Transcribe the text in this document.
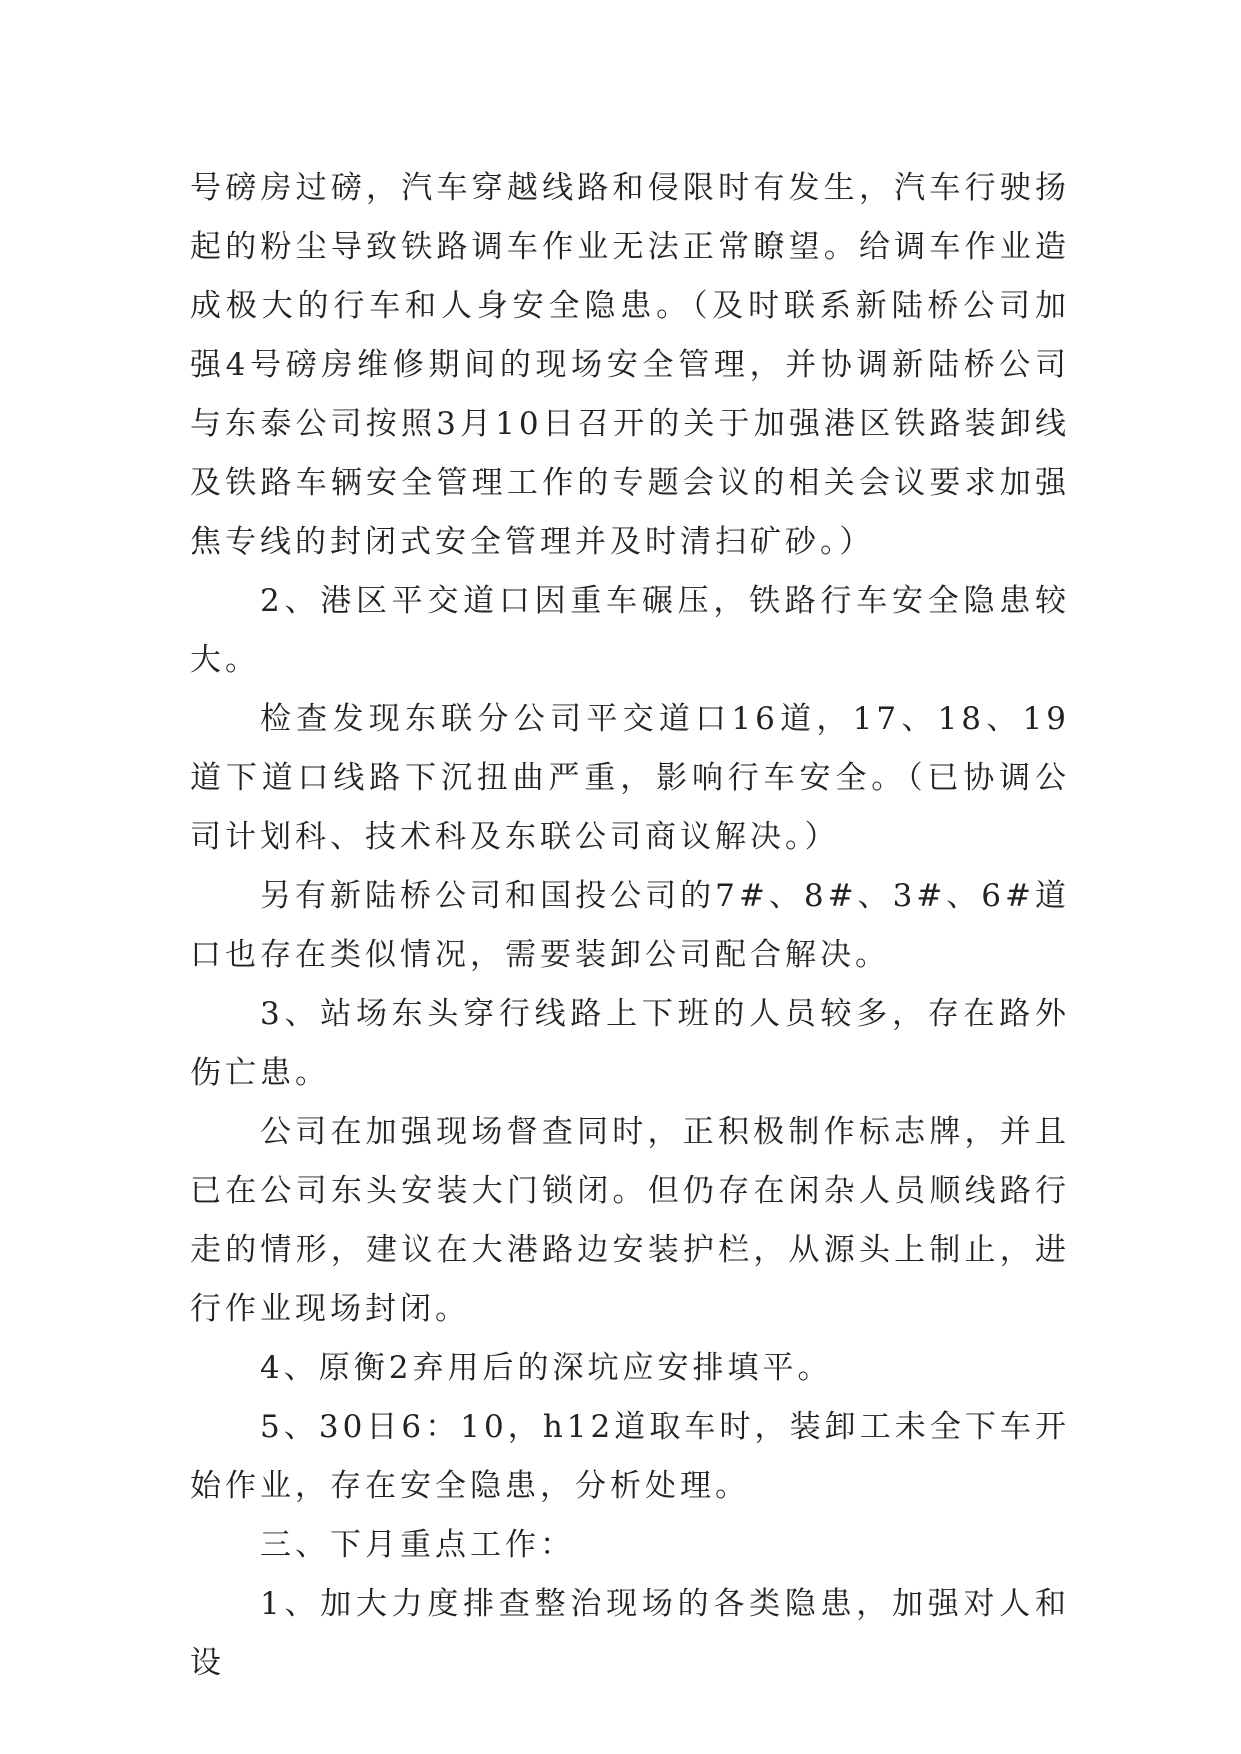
号磅房过磅，汽车穿越线路和侵限时有发生，汽车行驶扬起的粉尘导致铁路调车作业无法正常瞭望。给调车作业造成极大的行车和人身安全隐患。（及时联系新陆桥公司加强4号磅房维修期间的现场安全管理，并协调新陆桥公司与东泰公司按照3月10日召开的关于加强港区铁路装卸线及铁路车辆安全管理工作的专题会议的相关会议要求加强焦专线的封闭式安全管理并及时清扫矿砂。）

2、港区平交道口因重车碾压，铁路行车安全隐患较大。

检查发现东联分公司平交道口16道，17、18、19道下道口线路下沉扭曲严重，影响行车安全。（已协调公司计划科、技术科及东联公司商议解决。）

另有新陆桥公司和国投公司的7#、8#、3#、6#道口也存在类似情况，需要装卸公司配合解决。

3、站场东头穿行线路上下班的人员较多，存在路外伤亡患。

公司在加强现场督查同时，正积极制作标志牌，并且已在公司东头安装大门锁闭。但仍存在闲杂人员顺线路行走的情形，建议在大港路边安装护栏，从源头上制止，进行作业现场封闭。

4、原衡2弃用后的深坑应安排填平。

5、30日6：10，h12道取车时，装卸工未全下车开始作业，存在安全隐患，分析处理。

三、下月重点工作：

1、加大力度排查整治现场的各类隐患，加强对人和设
